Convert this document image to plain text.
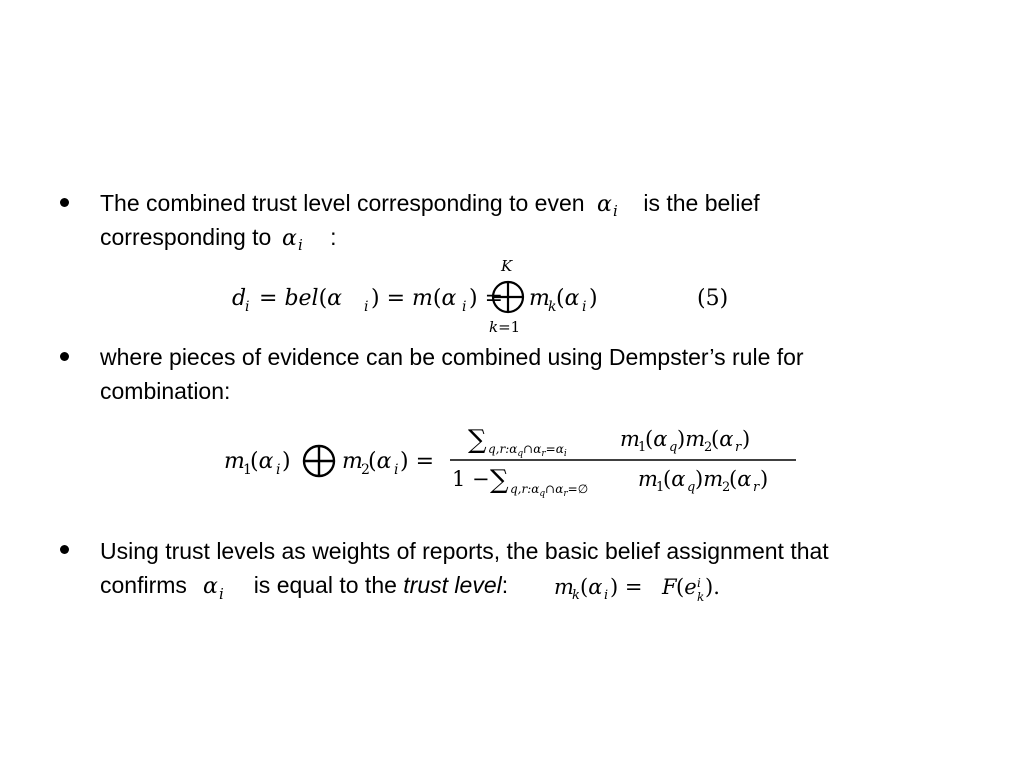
The combined trust level corresponding to even α i is the belief
corresponding to α i :
d
i = bel(α i ) = m(α i ) =
K
k=1
m
k (α i )	(5)
where pieces of evidence can be combined using Dempster’s rule for
combination:
m
1
(α i ) m
2
(α i ) =
∑ $q,r:\alpha_q\cap\alpha_r=\alpha_i$
m
1
(α q )m
2
(α r )
1 − ∑ $q,r:\alpha_q\cap\alpha_r=\emptyset$ m
1
(α q )m
2
(α r )
Using trust levels as weights of reports, the basic belief assignment that
confirms α i is equal to the trust level: m
k (α i ) = F (e i
k ).
